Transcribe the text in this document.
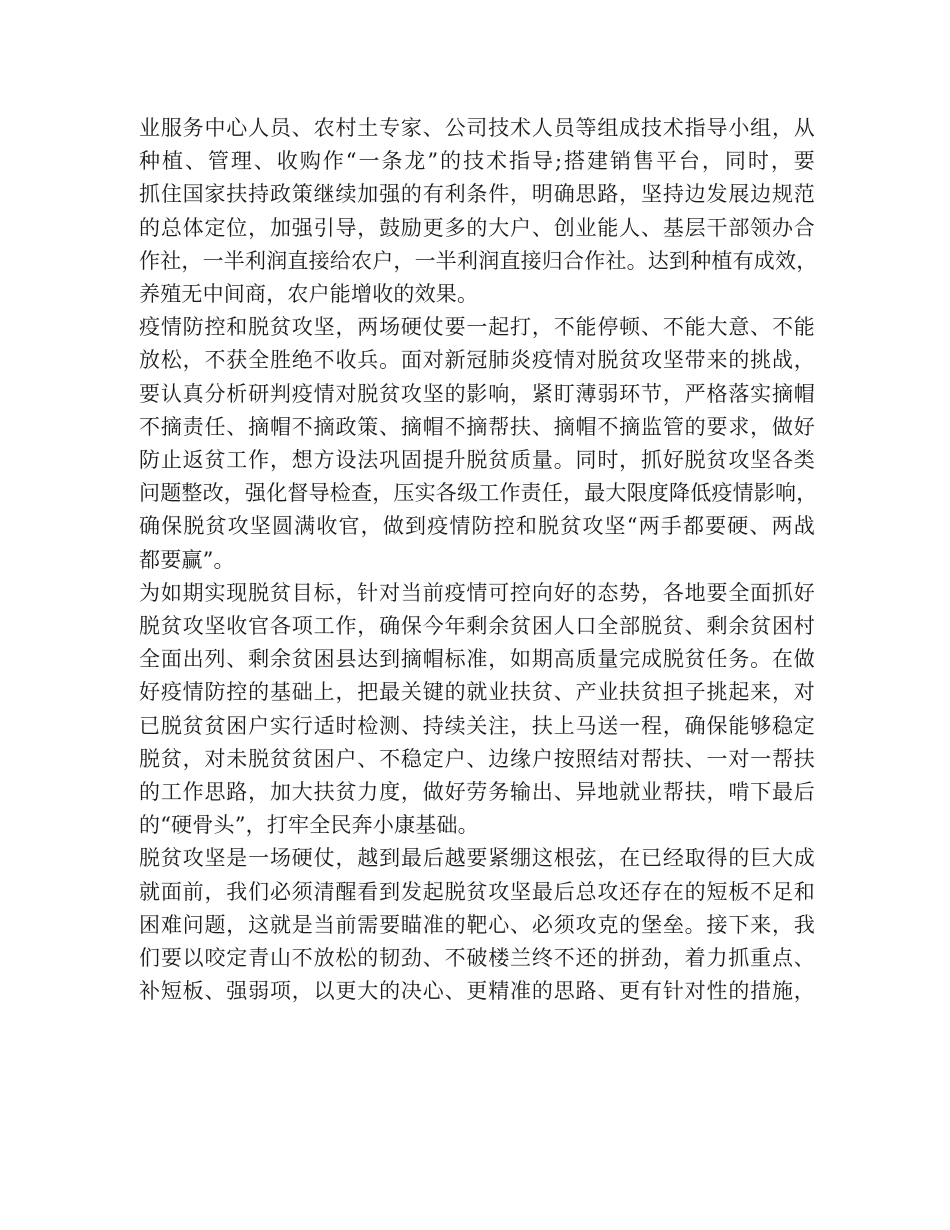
业服务中心人员、农村土专家、公司技术人员等组成技术指导小组，从
种植、管理、收购作“一条龙”的技术指导;搭建销售平台，同时，要
抓住国家扶持政策继续加强的有利条件，明确思路，坚持边发展边规范
的总体定位，加强引导，鼓励更多的大户、创业能人、基层干部领办合
作社，一半利润直接给农户，一半利润直接归合作社。达到种植有成效，
养殖无中间商，农户能增收的效果。
疫情防控和脱贫攻坚，两场硬仗要一起打，不能停顿、不能大意、不能
放松，不获全胜绝不收兵。面对新冠肺炎疫情对脱贫攻坚带来的挑战，
要认真分析研判疫情对脱贫攻坚的影响，紧盯薄弱环节，严格落实摘帽
不摘责任、摘帽不摘政策、摘帽不摘帮扶、摘帽不摘监管的要求，做好
防止返贫工作，想方设法巩固提升脱贫质量。同时，抓好脱贫攻坚各类
问题整改，强化督导检查，压实各级工作责任，最大限度降低疫情影响，
确保脱贫攻坚圆满收官，做到疫情防控和脱贫攻坚“两手都要硬、两战
都要赢”。
为如期实现脱贫目标，针对当前疫情可控向好的态势，各地要全面抓好
脱贫攻坚收官各项工作，确保今年剩余贫困人口全部脱贫、剩余贫困村
全面出列、剩余贫困县达到摘帽标准，如期高质量完成脱贫任务。在做
好疫情防控的基础上，把最关键的就业扶贫、产业扶贫担子挑起来，对
已脱贫贫困户实行适时检测、持续关注，扶上马送一程，确保能够稳定
脱贫，对未脱贫贫困户、不稳定户、边缘户按照结对帮扶、一对一帮扶
的工作思路，加大扶贫力度，做好劳务输出、异地就业帮扶，啃下最后
的“硬骨头”，打牢全民奔小康基础。
脱贫攻坚是一场硬仗，越到最后越要紧绷这根弦，在已经取得的巨大成
就面前，我们必须清醒看到发起脱贫攻坚最后总攻还存在的短板不足和
困难问题，这就是当前需要瞄准的靶心、必须攻克的堡垒。接下来，我
们要以咬定青山不放松的韧劲、不破楼兰终不还的拼劲，着力抓重点、
补短板、强弱项，以更大的决心、更精准的思路、更有针对性的措施，
